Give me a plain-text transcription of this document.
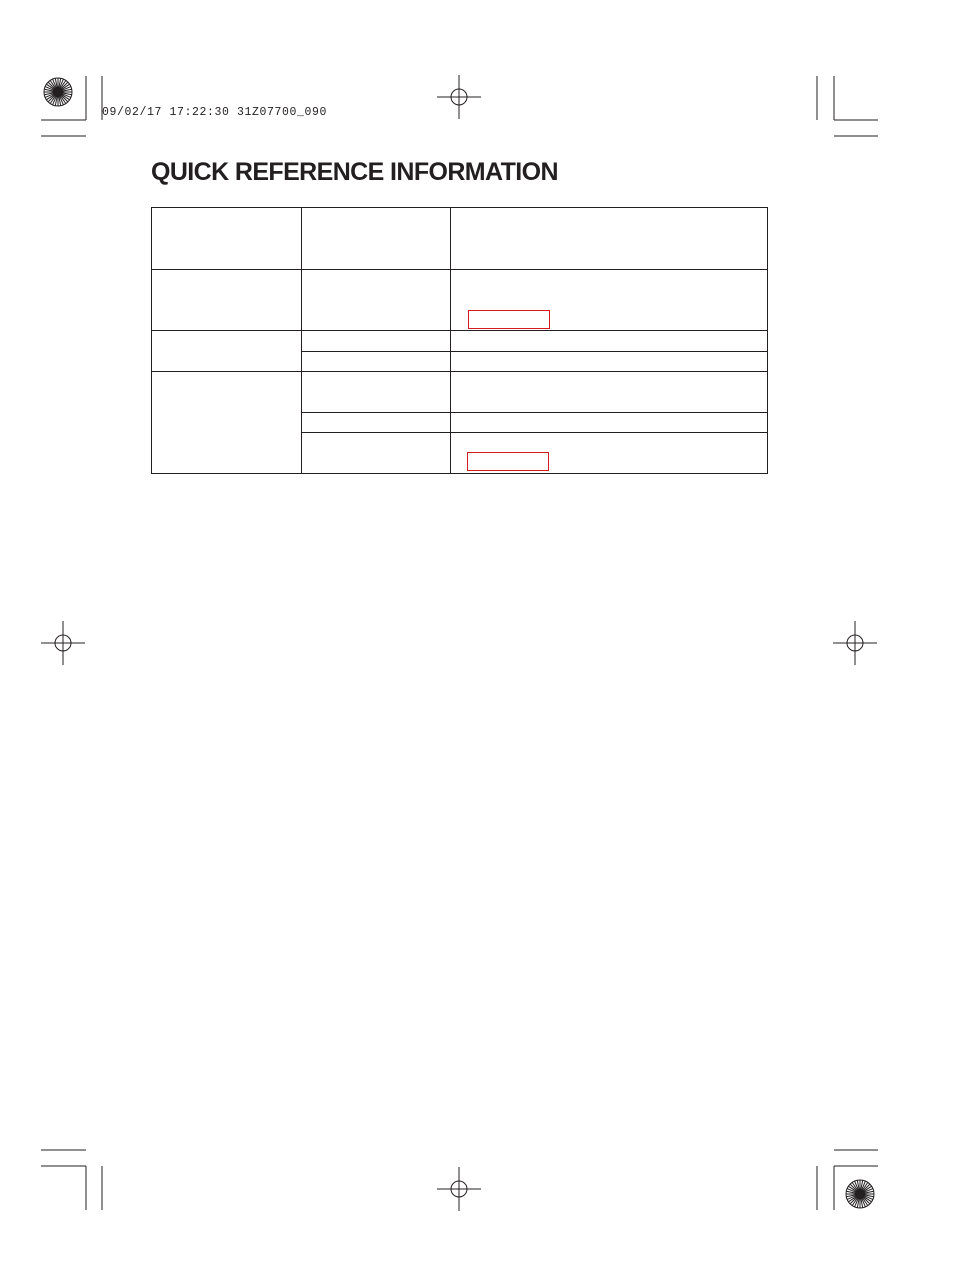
09/02/17 17:22:30 31Z07700_090
QUICK REFERENCE INFORMATION
